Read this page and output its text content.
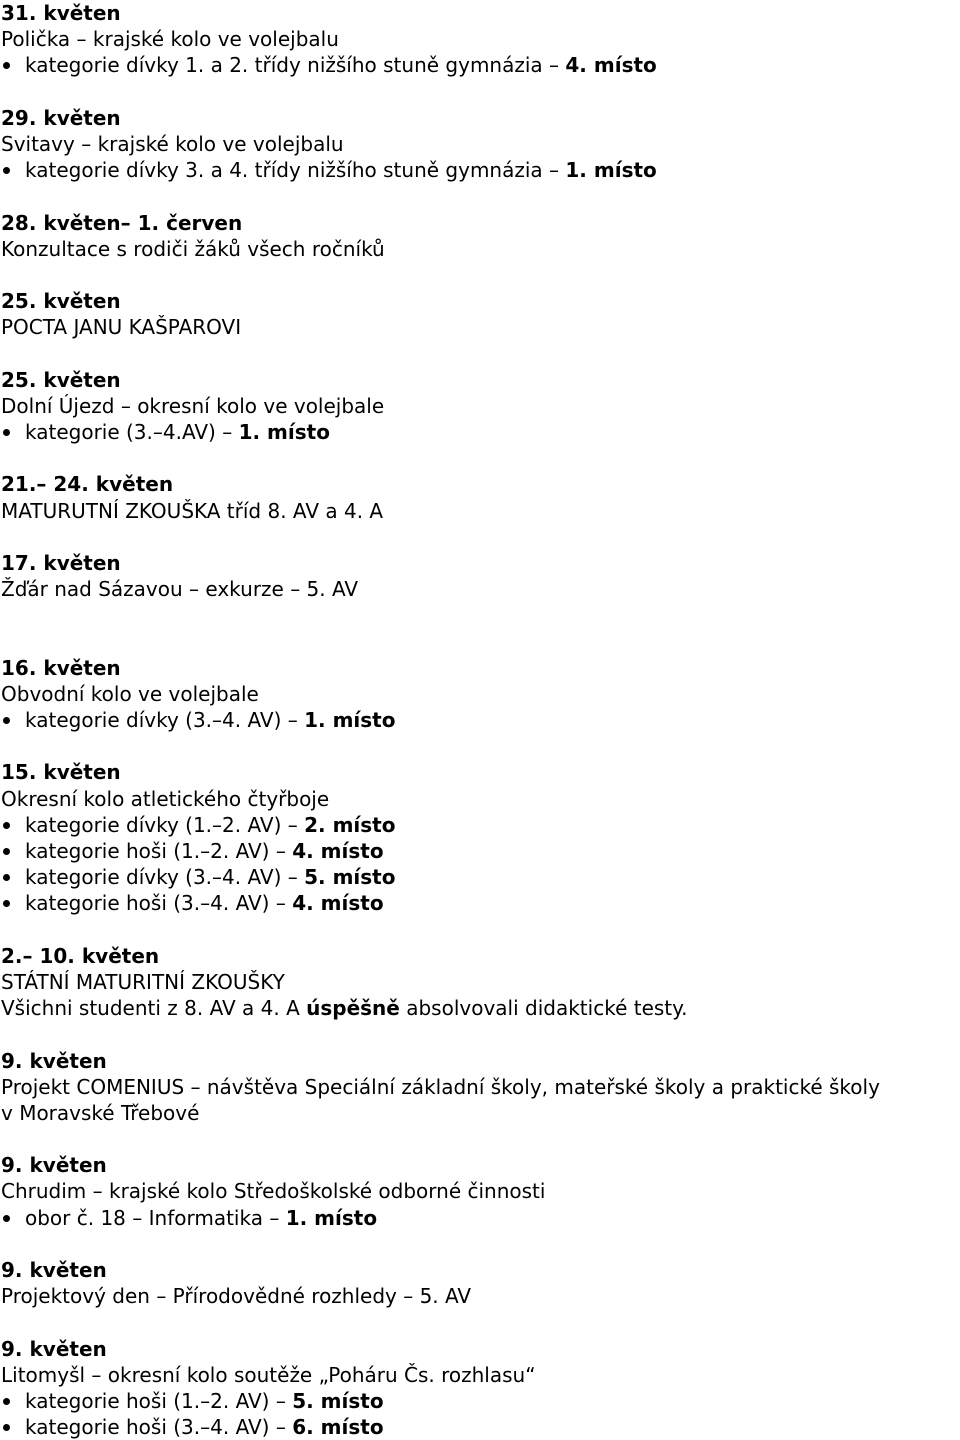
31. květen
Polička – krajské kolo ve volejbalu
kategorie dívky 1. a 2. třídy nižšího stuně gymnázia – 4. místo
29. květen
Svitavy – krajské kolo ve volejbalu
kategorie dívky 3. a 4. třídy nižšího stuně gymnázia – 1. místo
28. květen– 1. červen
Konzultace s rodiči žáků všech ročníků
25. květen
POCTA JANU KAŠPAROVI
25. květen
Dolní Újezd – okresní kolo ve volejbale
kategorie (3.–4.AV) – 1. místo
21.– 24. květen
MATURUTNÍ ZKOUŠKA tříd 8. AV a 4. A
17. květen
Žďár nad Sázavou – exkurze – 5. AV
16. květen
Obvodní kolo ve volejbale
kategorie dívky (3.–4. AV) – 1. místo
15. květen
Okresní kolo atletického čtyřboje
kategorie dívky (1.–2. AV) – 2. místo
kategorie hoši (1.–2. AV) – 4. místo
kategorie dívky (3.–4. AV) – 5. místo
kategorie hoši (3.–4. AV) – 4. místo
2.– 10. květen
STÁTNÍ MATURITNÍ ZKOUŠKY
Všichni studenti z 8. AV a 4. A úspěšně absolvovali didaktické testy.
9. květen
Projekt COMENIUS – návštěva Speciální základní školy, mateřské školy a praktické školy
v Moravské Třebové
9. květen
Chrudim – krajské kolo Středoškolské odborné činnosti
obor č. 18 – Informatika – 1. místo
9. květen
Projektový den – Přírodovědné rozhledy – 5. AV
9. květen
Litomyšl – okresní kolo soutěže „Poháru Čs. rozhlasu“
kategorie hoši (1.–2. AV) – 5. místo
kategorie hoši (3.–4. AV) – 6. místo
